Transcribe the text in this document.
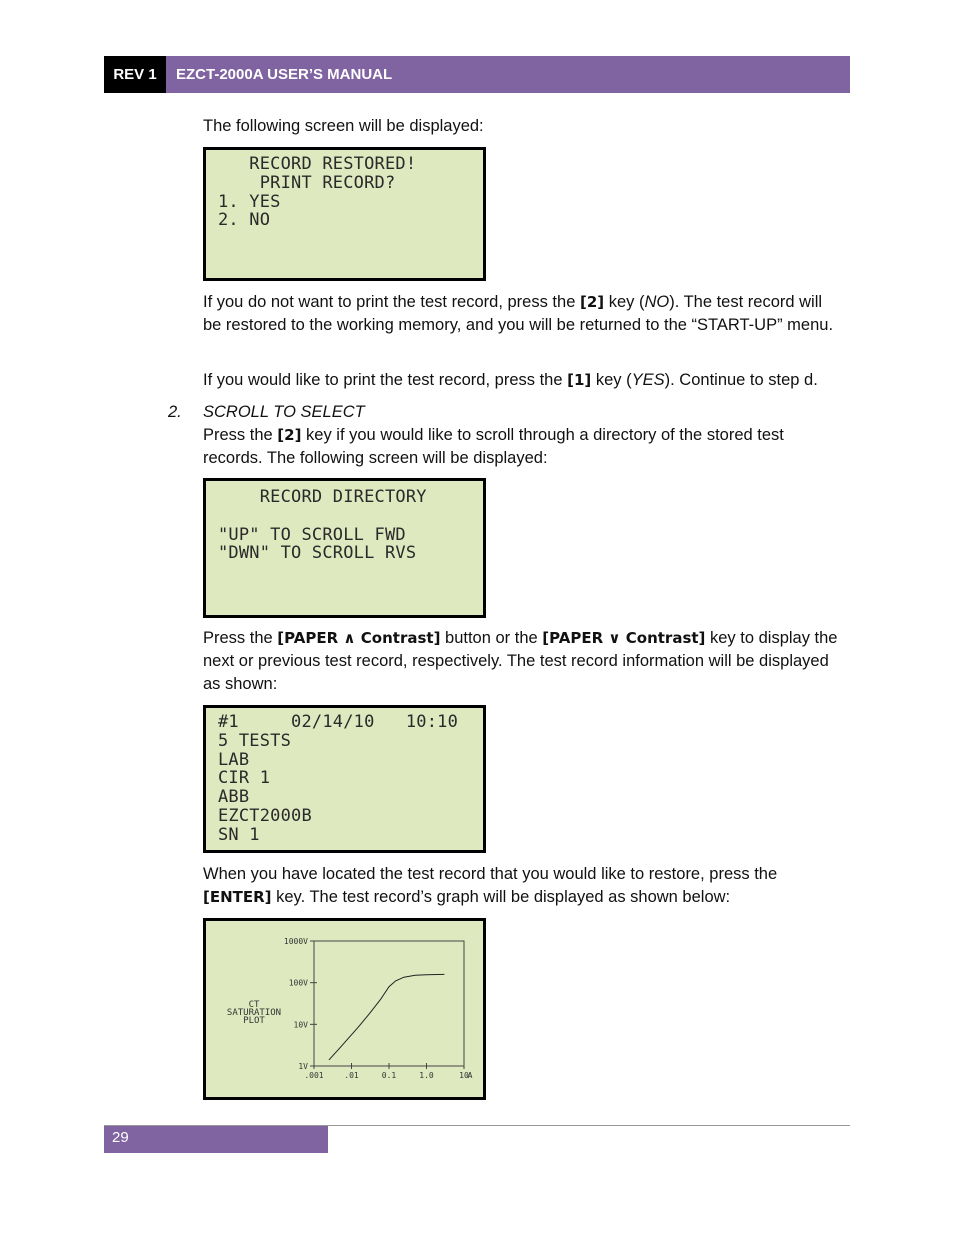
REV 1	EZCT-2000A USER’S MANUAL
The following screen will be displayed:
RECORD RESTORED!
PRINT RECORD?
1. YES
2. NO
If you do not want to print the test record, press the [2] key (NO). The test record will be restored to the working memory, and you will be returned to the “START-UP” menu.
If you would like to print the test record, press the [1] key (YES). Continue to step d.
2. SCROLL TO SELECT
Press the [2] key if you would like to scroll through a directory of the stored test records. The following screen will be displayed:
RECORD DIRECTORY

"UP" TO SCROLL FWD
"DWN" TO SCROLL RVS
Press the [PAPER ∧ Contrast] button or the [PAPER ∨ Contrast] key to display the next or previous test record, respectively. The test record information will be displayed as shown:
#1     02/14/10   10:10
5 TESTS
LAB
CIR 1
ABB
EZCT2000B
SN 1
When you have located the test record that you would like to restore, press the [ENTER] key. The test record’s graph will be displayed as shown below:
CT
SATURATION
PLOT
1000V
100V
10V
1V
.001	.01	0.1	1.0	10
A
29
